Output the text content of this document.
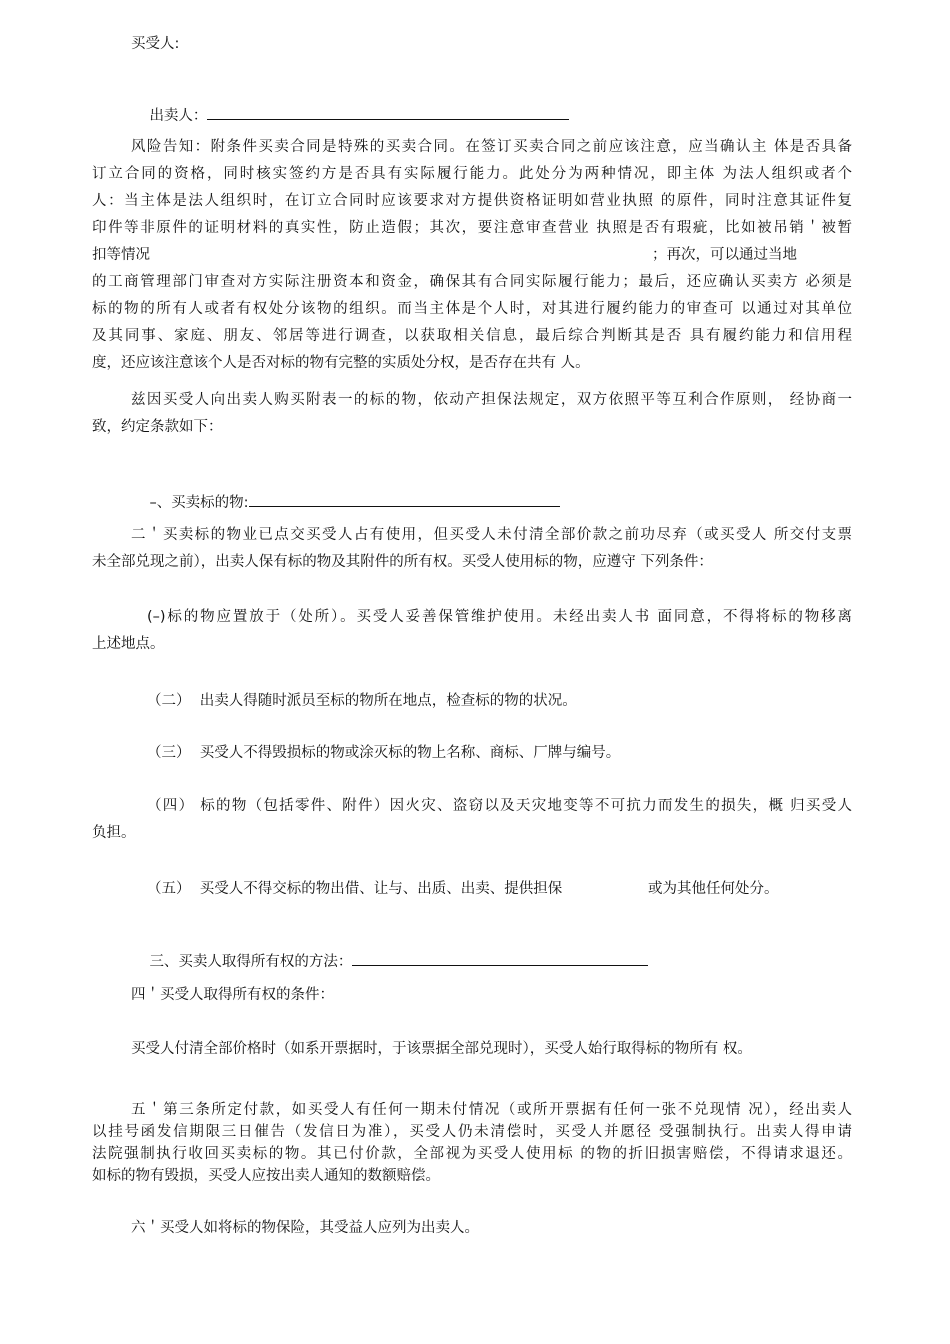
买受人:

出卖人：

风险告知：附条件买卖合同是特殊的买卖合同。在签订买卖合同之前应该注意，应当确认主 体是否具备
订立合同的资格，同时核实签约方是否具有实际履行能力。此处分为两种情况，即主体 为法人组织或者个
人：当主体是法人组织时，在订立合同时应该要求对方提供资格证明如营业执照 的原件，同时注意其证件复
印件等非原件的证明材料的真实性，防止造假；其次，要注意审查营业 执照是否有瑕疵，比如被吊销＇被暂
扣等情况	；再次，可以通过当地
的工商管理部门审查对方实际注册资本和资金，确保其有合同实际履行能力；最后，还应确认买卖方 必须是
标的物的所有人或者有权处分该物的组织。而当主体是个人时，对其进行履约能力的审查可 以通过对其单位
及其同事、家庭、朋友、邻居等进行调查，以获取相关信息，最后综合判断其是否 具有履约能力和信用程
度，还应该注意该个人是否对标的物有完整的实质处分权，是否存在共有 人。
兹因买受人向出卖人购买附表一的标的物，依动产担保法规定，双方依照平等互利合作原则， 经协商一
致，约定条款如下：

–、买卖标的物:

二＇买卖标的物业已点交买受人占有使用，但买受人未付清全部价款之前功尽弃（或买受人 所交付支票
未全部兑现之前），出卖人保有标的物及其附件的所有权。买受人使用标的物，应遵守 下列条件：
(–)标的物应置放于（处所）。买受人妥善保管维护使用。未经出卖人书 面同意，不得将标的物移离
上述地点。
（二）  出卖人得随时派员至标的物所在地点，检查标的物的状况。
（三）  买受人不得毁损标的物或涂灭标的物上名称、商标、厂牌与编号。
（四） 标的物（包括零件、附件）因火灾、盗窃以及天灾地变等不可抗力而发生的损失，概 归买受人
负担。
（五）  买受人不得交标的物出借、让与、出质、出卖、提供担保	或为其他任何处分。

三、买卖人取得所有权的方法：

四＇买受人取得所有权的条件：
买受人付清全部价格时（如系开票据时，于该票据全部兑现时），买受人始行取得标的物所有 权。
五＇第三条所定付款，如买受人有任何一期未付情况（或所开票据有任何一张不兑现情 况），经出卖人
以挂号函发信期限三日催告（发信日为准），买受人仍未清偿时，买受人并愿径 受强制执行。出卖人得申请
法院强制执行收回买卖标的物。其已付价款，全部视为买受人使用标 的物的折旧损害赔偿，不得请求退还。
如标的物有毁损，买受人应按出卖人通知的数额赔偿。
六＇买受人如将标的物保险，其受益人应列为出卖人。
